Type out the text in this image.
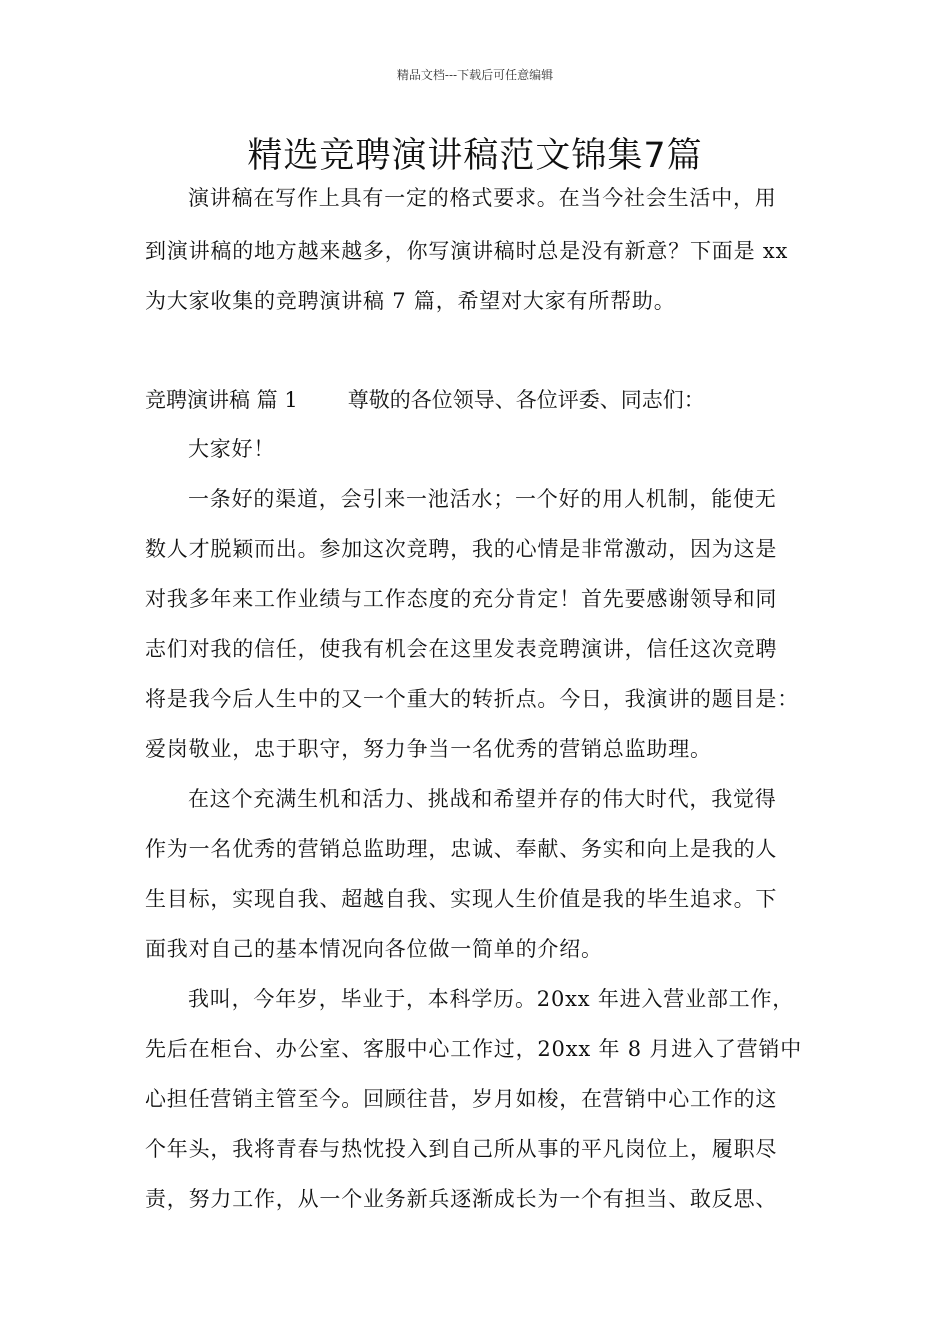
精品文档---下载后可任意编辑
精选竞聘演讲稿范文锦集7篇
演讲稿在写作上具有一定的格式要求。在当今社会生活中，用
到演讲稿的地方越来越多，你写演讲稿时总是没有新意？下面是 xx
为大家收集的竞聘演讲稿 7 篇，希望对大家有所帮助。
竞聘演讲稿 篇 1 尊敬的各位领导、各位评委、同志们：
大家好！
一条好的渠道，会引来一池活水；一个好的用人机制，能使无
数人才脱颖而出。参加这次竞聘，我的心情是非常激动，因为这是
对我多年来工作业绩与工作态度的充分肯定！首先要感谢领导和同
志们对我的信任，使我有机会在这里发表竞聘演讲，信任这次竞聘
将是我今后人生中的又一个重大的转折点。今日，我演讲的题目是：
爱岗敬业，忠于职守，努力争当一名优秀的营销总监助理。
在这个充满生机和活力、挑战和希望并存的伟大时代，我觉得
作为一名优秀的营销总监助理，忠诚、奉献、务实和向上是我的人
生目标，实现自我、超越自我、实现人生价值是我的毕生追求。下
面我对自己的基本情况向各位做一简单的介绍。
我叫，今年岁，毕业于，本科学历。20xx 年进入营业部工作，
先后在柜台、办公室、客服中心工作过，20xx 年 8 月进入了营销中
心担任营销主管至今。回顾往昔，岁月如梭，在营销中心工作的这
个年头，我将青春与热忱投入到自己所从事的平凡岗位上，履职尽
责，努力工作，从一个业务新兵逐渐成长为一个有担当、敢反思、
